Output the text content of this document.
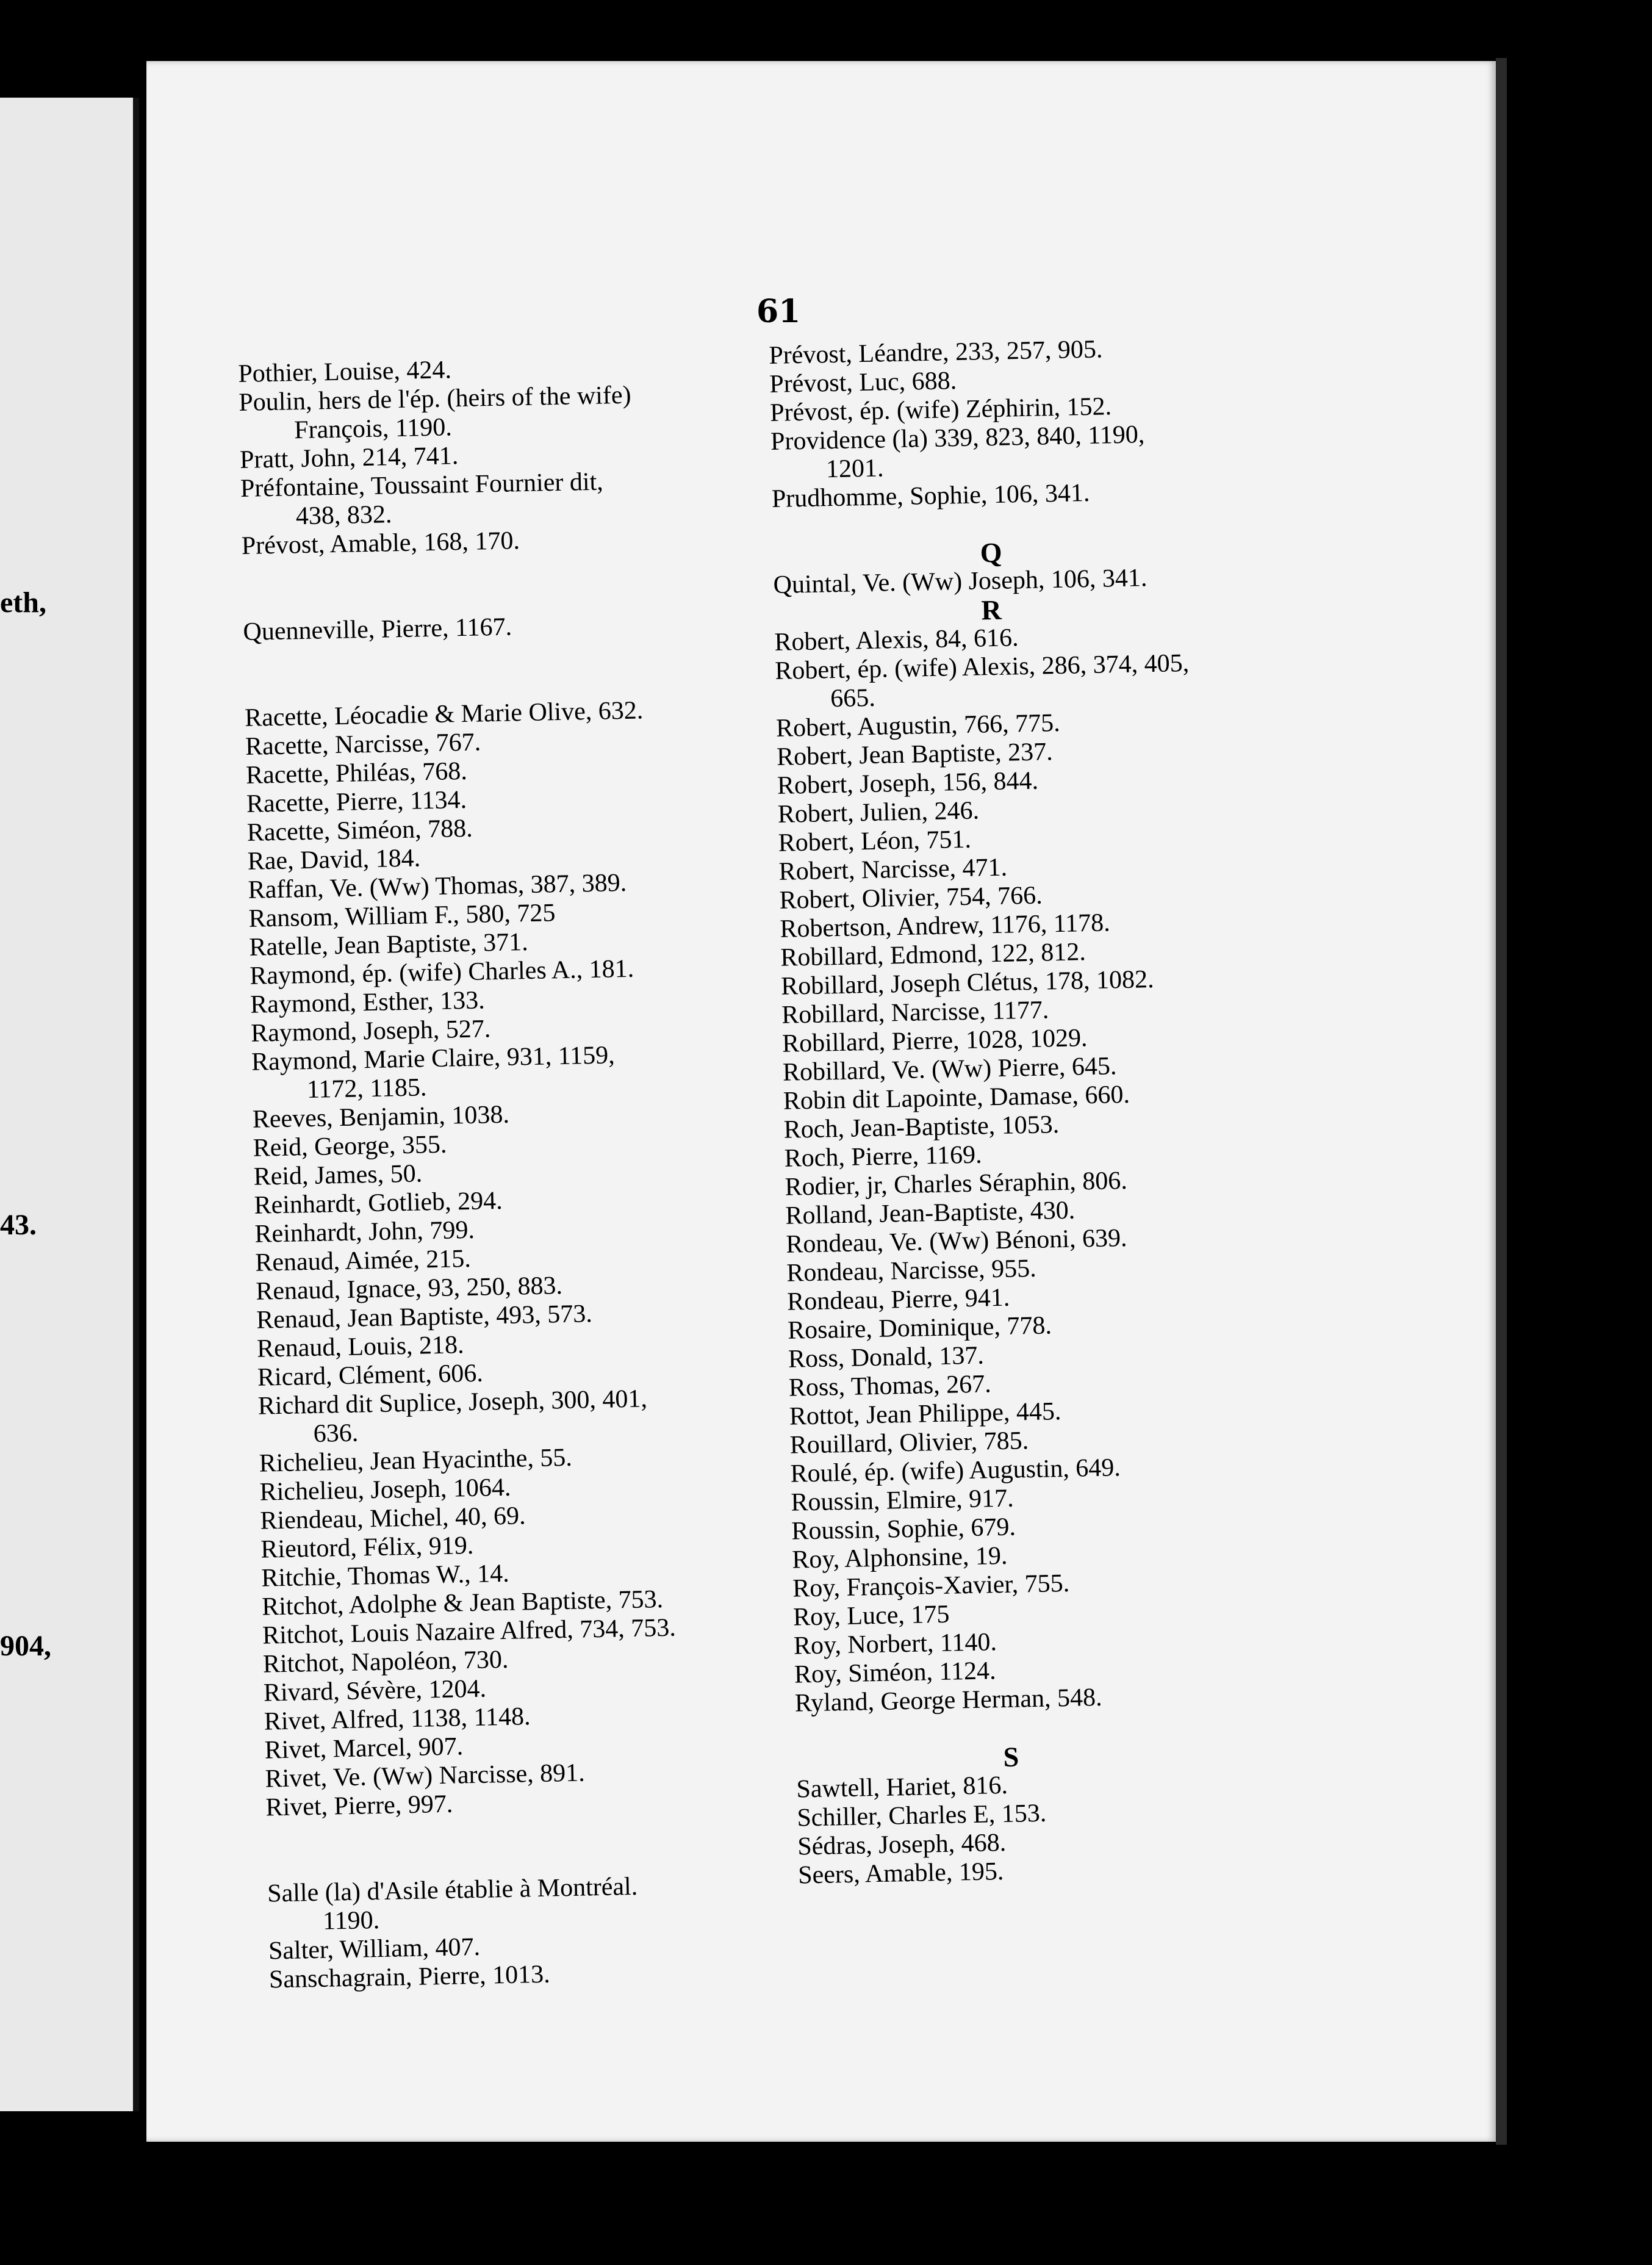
eth,
43.
904,
61
Pothier, Louise, 424.
Poulin, hers de l'ép. (heirs of the wife)
François, 1190.
Pratt, John, 214, 741.
Préfontaine, Toussaint Fournier dit,
438, 832.
Prévost, Amable, 168, 170.
Quenneville, Pierre, 1167.
Racette, Léocadie & Marie Olive, 632.
Racette, Narcisse, 767.
Racette, Philéas, 768.
Racette, Pierre, 1134.
Racette, Siméon, 788.
Rae, David, 184.
Raffan, Ve. (Ww) Thomas, 387, 389.
Ransom, William F., 580, 725
Ratelle, Jean Baptiste, 371.
Raymond, ép. (wife) Charles A., 181.
Raymond, Esther, 133.
Raymond, Joseph, 527.
Raymond, Marie Claire, 931, 1159,
1172, 1185.
Reeves, Benjamin, 1038.
Reid, George, 355.
Reid, James, 50.
Reinhardt, Gotlieb, 294.
Reinhardt, John, 799.
Renaud, Aimée, 215.
Renaud, Ignace, 93, 250, 883.
Renaud, Jean Baptiste, 493, 573.
Renaud, Louis, 218.
Ricard, Clément, 606.
Richard dit Suplice, Joseph, 300, 401,
636.
Richelieu, Jean Hyacinthe, 55.
Richelieu, Joseph, 1064.
Riendeau, Michel, 40, 69.
Rieutord, Félix, 919.
Ritchie, Thomas W., 14.
Ritchot, Adolphe & Jean Baptiste, 753.
Ritchot, Louis Nazaire Alfred, 734, 753.
Ritchot, Napoléon, 730.
Rivard, Sévère, 1204.
Rivet, Alfred, 1138, 1148.
Rivet, Marcel, 907.
Rivet, Ve. (Ww) Narcisse, 891.
Rivet, Pierre, 997.
Salle (la) d'Asile établie à Montréal.
1190.
Salter, William, 407.
Sanschagrain, Pierre, 1013.
Prévost, Léandre, 233, 257, 905.
Prévost, Luc, 688.
Prévost, ép. (wife) Zéphirin, 152.
Providence (la) 339, 823, 840, 1190,
1201.
Prudhomme, Sophie, 106, 341.
Q
Quintal, Ve. (Ww) Joseph, 106, 341.
R
Robert, Alexis, 84, 616.
Robert, ép. (wife) Alexis, 286, 374, 405,
665.
Robert, Augustin, 766, 775.
Robert, Jean Baptiste, 237.
Robert, Joseph, 156, 844.
Robert, Julien, 246.
Robert, Léon, 751.
Robert, Narcisse, 471.
Robert, Olivier, 754, 766.
Robertson, Andrew, 1176, 1178.
Robillard, Edmond, 122, 812.
Robillard, Joseph Clétus, 178, 1082.
Robillard, Narcisse, 1177.
Robillard, Pierre, 1028, 1029.
Robillard, Ve. (Ww) Pierre, 645.
Robin dit Lapointe, Damase, 660.
Roch, Jean-Baptiste, 1053.
Roch, Pierre, 1169.
Rodier, jr, Charles Séraphin, 806.
Rolland, Jean-Baptiste, 430.
Rondeau, Ve. (Ww) Bénoni, 639.
Rondeau, Narcisse, 955.
Rondeau, Pierre, 941.
Rosaire, Dominique, 778.
Ross, Donald, 137.
Ross, Thomas, 267.
Rottot, Jean Philippe, 445.
Rouillard, Olivier, 785.
Roulé, ép. (wife) Augustin, 649.
Roussin, Elmire, 917.
Roussin, Sophie, 679.
Roy, Alphonsine, 19.
Roy, François-Xavier, 755.
Roy, Luce, 175
Roy, Norbert, 1140.
Roy, Siméon, 1124.
Ryland, George Herman, 548.
S
Sawtell, Hariet, 816.
Schiller, Charles E, 153.
Sédras, Joseph, 468.
Seers, Amable, 195.
